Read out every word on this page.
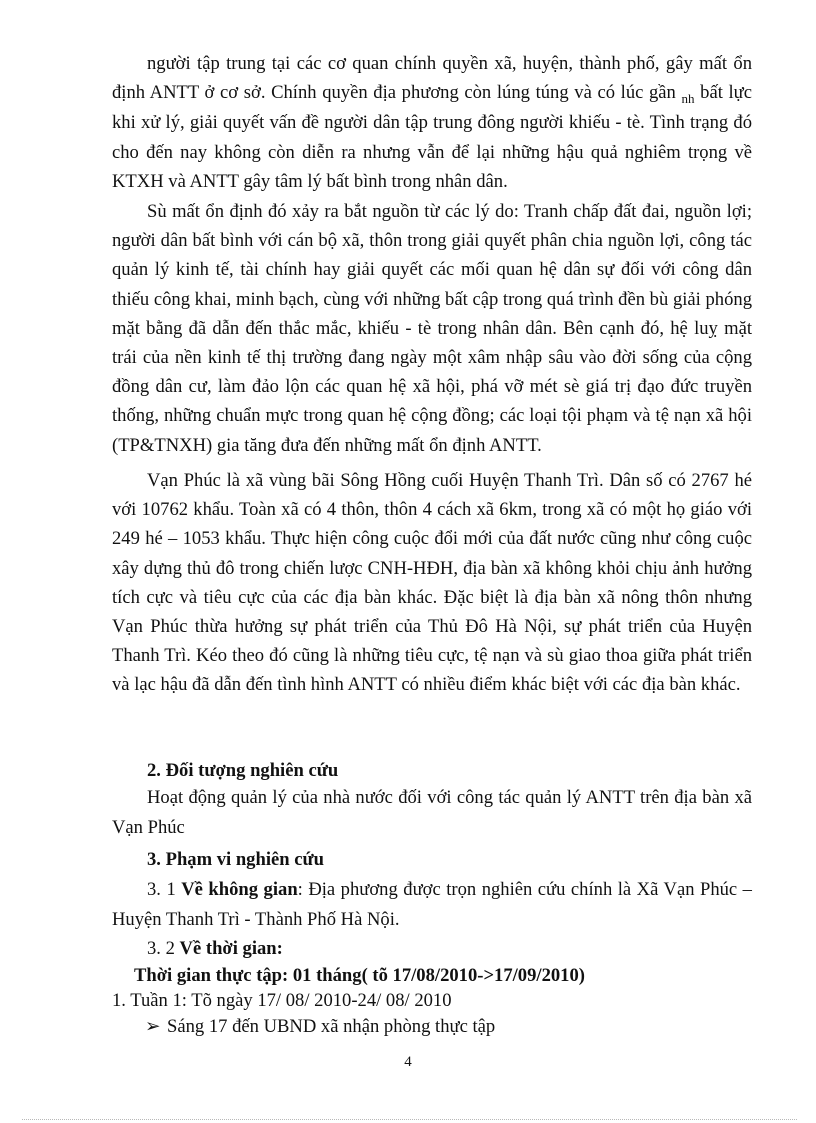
người tập trung tại các cơ quan chính quyền xã, huyện, thành phố, gây mất ổn định ANTT ở cơ sở. Chính quyền địa phương còn lúng túng và có lúc gần $_{nh}$ bất lực khi xử lý, giải quyết vấn đề người dân tập trung đông người khiếu - tè. Tình trạng đó cho đến nay không còn diễn ra nhưng vẫn để lại những hậu quả nghiêm trọng về KTXH và ANTT gây tâm lý bất bình trong nhân dân.

Sù mất ổn định đó xảy ra bắt nguồn từ các lý do: Tranh chấp đất đai, nguồn lợi; người dân bất bình với cán bộ xã, thôn trong giải quyết phân chia nguồn lợi, công tác quản lý kinh tế, tài chính hay giải quyết các mối quan hệ dân sự đối với công dân thiếu công khai, minh bạch, cùng với những bất cập trong quá trình đền bù giải phóng mặt bằng đã dẫn đến thắc mắc, khiếu - tè trong nhân dân. Bên cạnh đó, hệ luỵ mặt trái của nền kinh tế thị trường đang ngày một xâm nhập sâu vào đời sống của cộng đồng dân cư, làm đảo lộn các quan hệ xã hội, phá vỡ mét sè giá trị đạo đức truyền thống, những chuẩn mực trong quan hệ cộng đồng; các loại tội phạm và tệ nạn xã hội (TP&TNXH) gia tăng đưa đến những mất ổn định ANTT.

Vạn Phúc là xã vùng bãi Sông Hồng cuối Huyện Thanh Trì. Dân số có 2767 hé với 10762 khẩu. Toàn xã có 4 thôn, thôn 4 cách xã 6km, trong xã có một họ giáo với 249 hé – 1053 khẩu. Thực hiện công cuộc đổi mới của đất nước cũng như công cuộc xây dựng thủ đô trong chiến lược CNH-HĐH, địa bàn xã không khỏi chịu ảnh hưởng tích cực và tiêu cực của các địa bàn khác. Đặc biệt là địa bàn xã nông thôn nhưng Vạn Phúc thừa hưởng sự phát triển của Thủ Đô Hà Nội, sự phát triển của Huyện Thanh Trì. Kéo theo đó cũng là những tiêu cực, tệ nạn và sù giao thoa giữa phát triển và lạc hậu đã dẫn đến tình hình ANTT có nhiều điểm khác biệt với các địa bàn khác.

2. Đối tượng nghiên cứu

Hoạt động quản lý của nhà nước đối với công tác quản lý ANTT trên địa bàn xã Vạn Phúc

3. Phạm vi nghiên cứu

3. 1 Về không gian: Địa phương được trọn nghiên cứu chính là Xã Vạn Phúc – Huyện Thanh Trì - Thành Phố Hà Nội.

3. 2 Về thời gian:

Thời gian thực tập: 01 tháng( tõ 17/08/2010->17/09/2010)

1. Tuần 1: Tõ ngày 17/ 08/ 2010-24/ 08/ 2010

➢ Sáng 17 đến UBND xã nhận phòng thực tập

4
